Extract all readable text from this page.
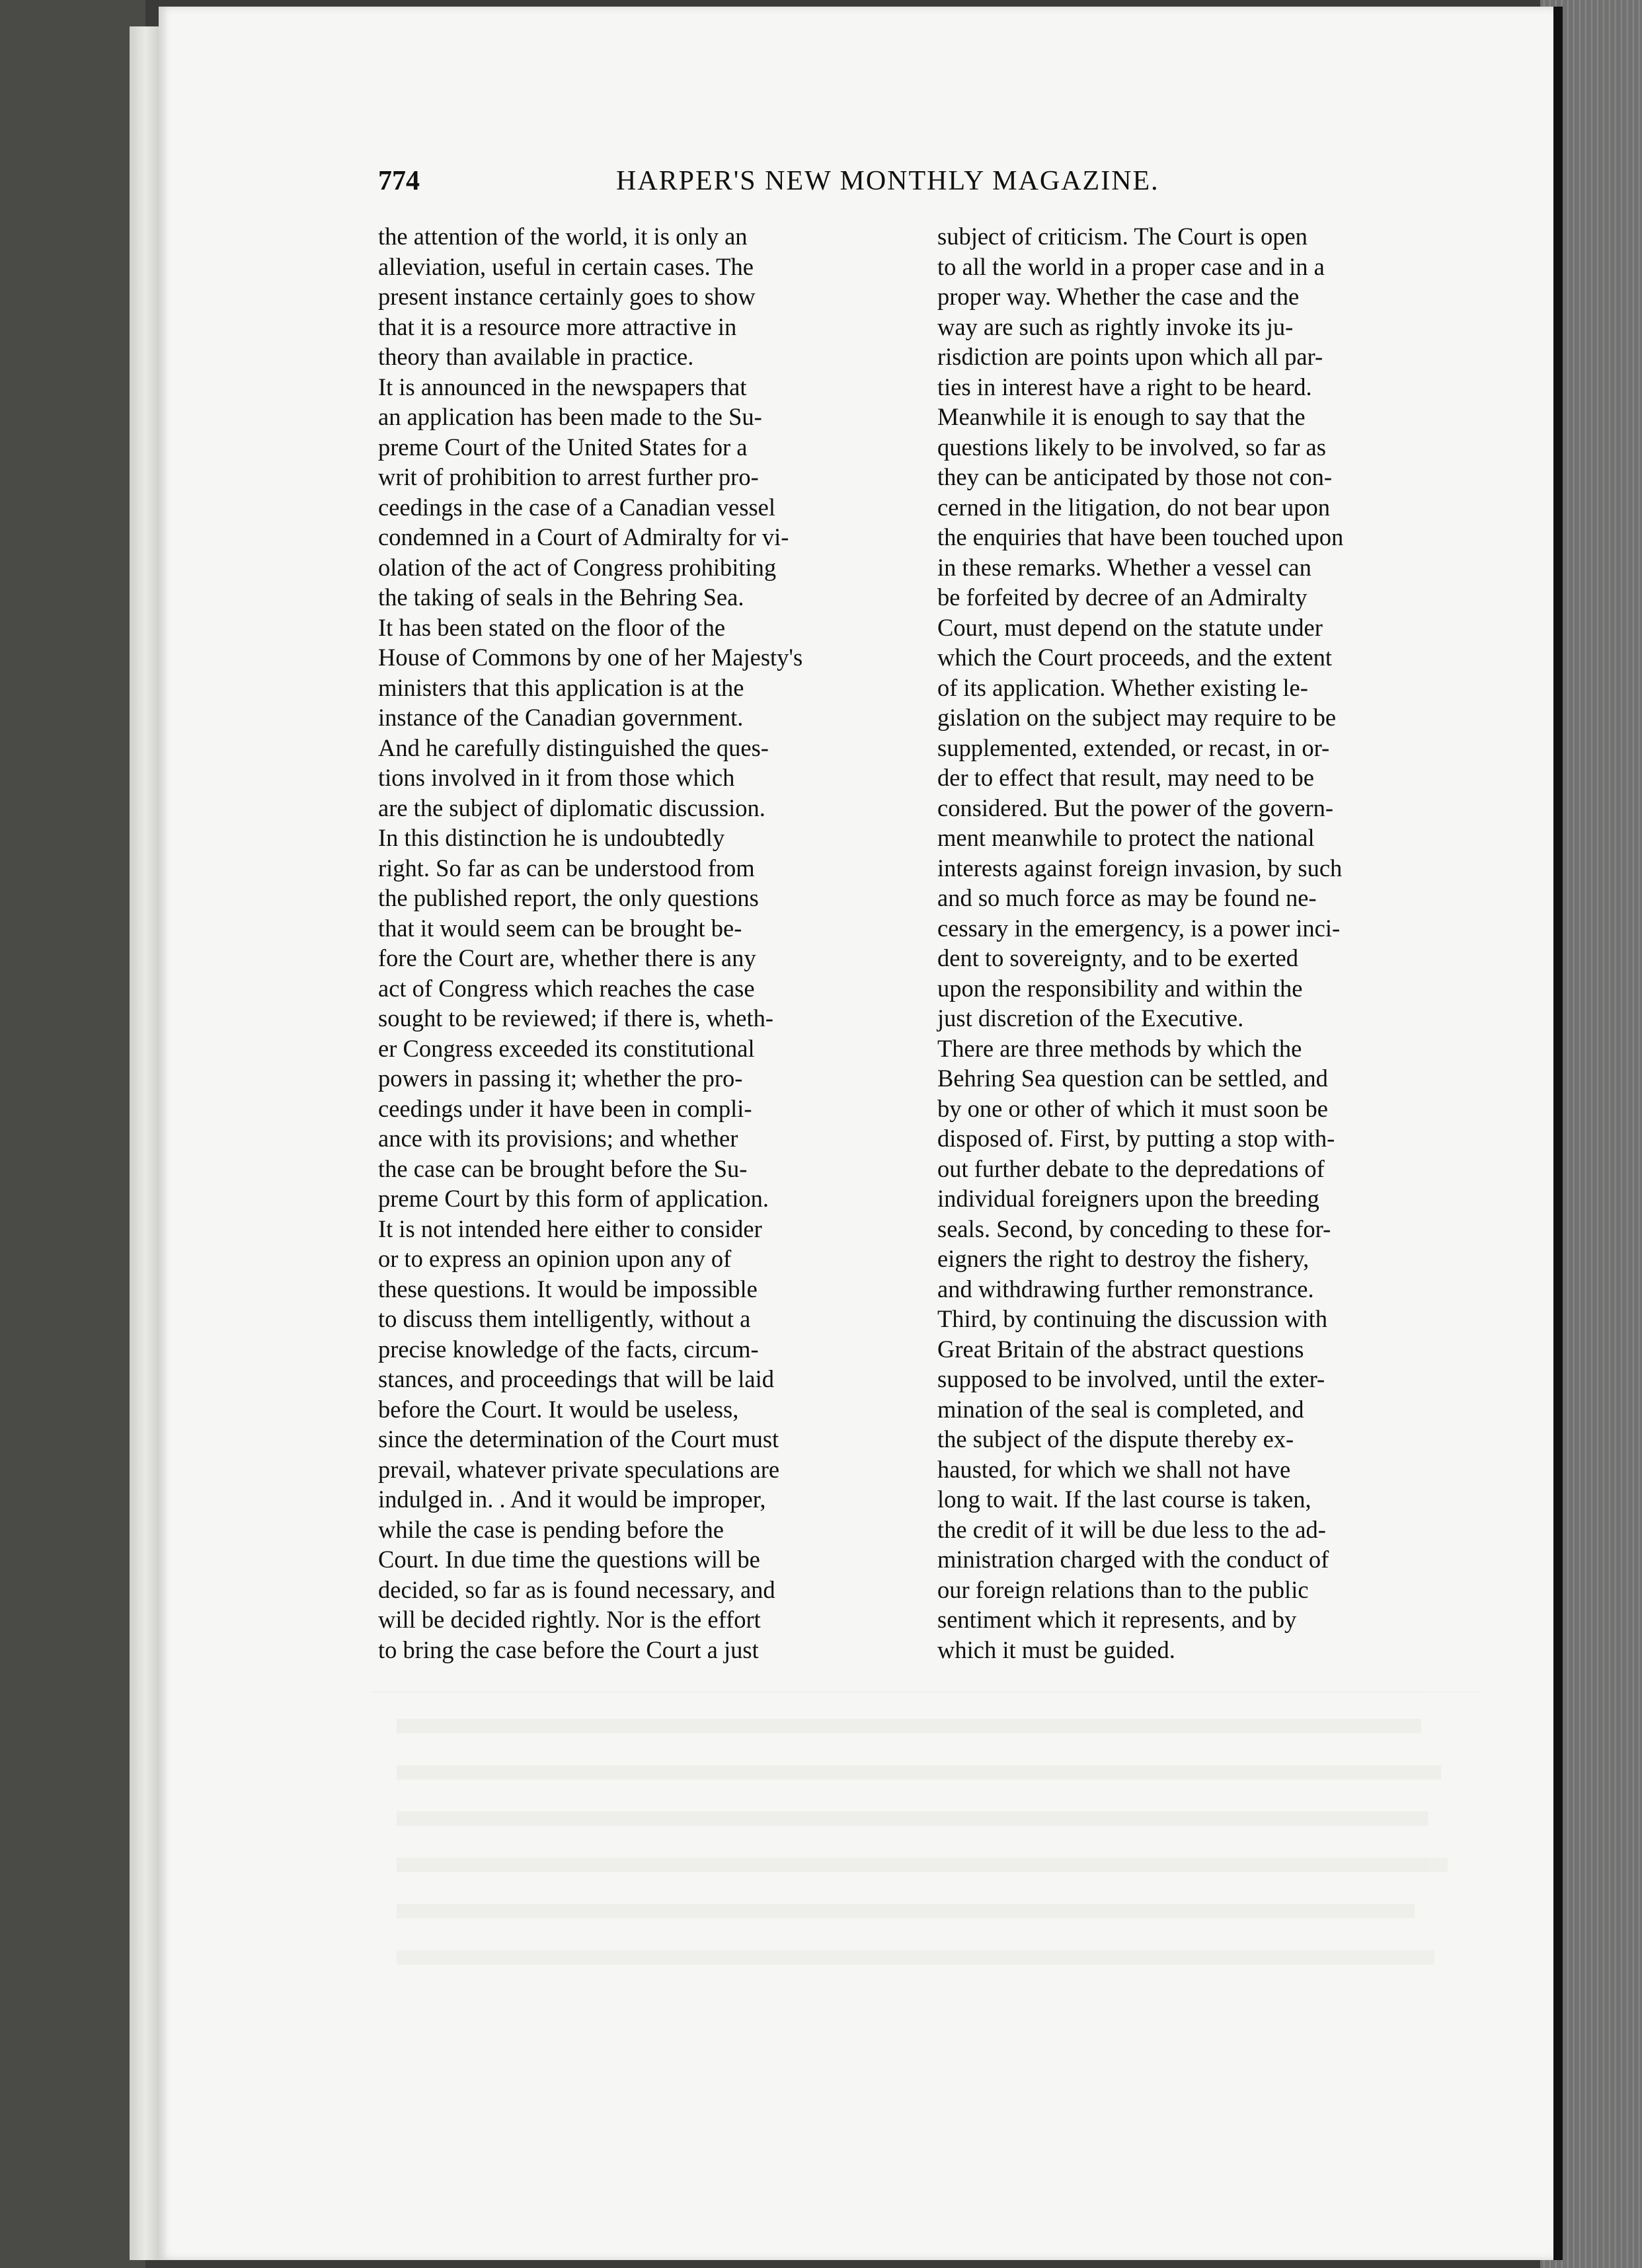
774	HARPER'S NEW MONTHLY MAGAZINE.
the attention of the world, it is only an
alleviation, useful in certain cases. The
present instance certainly goes to show
that it is a resource more attractive in
theory than available in practice.
It is announced in the newspapers that
an application has been made to the Su-
preme Court of the United States for a
writ of prohibition to arrest further pro-
ceedings in the case of a Canadian vessel
condemned in a Court of Admiralty for vi-
olation of the act of Congress prohibiting
the taking of seals in the Behring Sea.
It has been stated on the floor of the
House of Commons by one of her Majesty's
ministers that this application is at the
instance of the Canadian government.
And he carefully distinguished the ques-
tions involved in it from those which
are the subject of diplomatic discussion.
In this distinction he is undoubtedly
right. So far as can be understood from
the published report, the only questions
that it would seem can be brought be-
fore the Court are, whether there is any
act of Congress which reaches the case
sought to be reviewed; if there is, wheth-
er Congress exceeded its constitutional
powers in passing it; whether the pro-
ceedings under it have been in compli-
ance with its provisions; and whether
the case can be brought before the Su-
preme Court by this form of application.
It is not intended here either to consider
or to express an opinion upon any of
these questions. It would be impossible
to discuss them intelligently, without a
precise knowledge of the facts, circum-
stances, and proceedings that will be laid
before the Court. It would be useless,
since the determination of the Court must
prevail, whatever private speculations are
indulged in. . And it would be improper,
while the case is pending before the
Court. In due time the questions will be
decided, so far as is found necessary, and
will be decided rightly. Nor is the effort
to bring the case before the Court a just
subject of criticism. The Court is open
to all the world in a proper case and in a
proper way. Whether the case and the
way are such as rightly invoke its ju-
risdiction are points upon which all par-
ties in interest have a right to be heard.
Meanwhile it is enough to say that the
questions likely to be involved, so far as
they can be anticipated by those not con-
cerned in the litigation, do not bear upon
the enquiries that have been touched upon
in these remarks. Whether a vessel can
be forfeited by decree of an Admiralty
Court, must depend on the statute under
which the Court proceeds, and the extent
of its application. Whether existing le-
gislation on the subject may require to be
supplemented, extended, or recast, in or-
der to effect that result, may need to be
considered. But the power of the govern-
ment meanwhile to protect the national
interests against foreign invasion, by such
and so much force as may be found ne-
cessary in the emergency, is a power inci-
dent to sovereignty, and to be exerted
upon the responsibility and within the
just discretion of the Executive.
There are three methods by which the
Behring Sea question can be settled, and
by one or other of which it must soon be
disposed of. First, by putting a stop with-
out further debate to the depredations of
individual foreigners upon the breeding
seals. Second, by conceding to these for-
eigners the right to destroy the fishery,
and withdrawing further remonstrance.
Third, by continuing the discussion with
Great Britain of the abstract questions
supposed to be involved, until the exter-
mination of the seal is completed, and
the subject of the dispute thereby ex-
hausted, for which we shall not have
long to wait. If the last course is taken,
the credit of it will be due less to the ad-
ministration charged with the conduct of
our foreign relations than to the public
sentiment which it represents, and by
which it must be guided.
